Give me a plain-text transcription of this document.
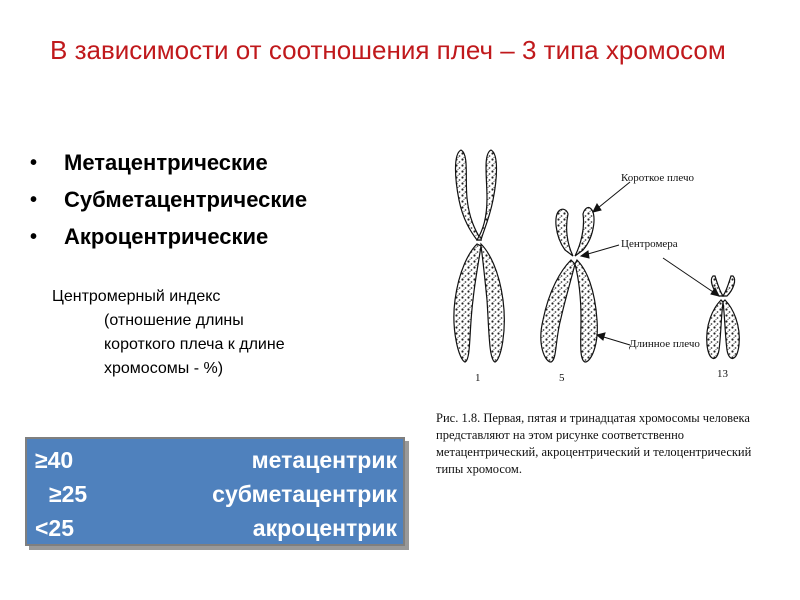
В зависимости от соотношения плеч – 3 типа хромосом
• Метацентрические
• Субметацентрические
• Акроцентрические
Центромерный индекс
(отношение длины
короткого плеча к длине
хромосомы - %)
≥40	метацентрик
≥25	субметацентрик
<25	акроцентрик
Короткое плечо
Центромера
Длинное плечо
1	5	13
Рис. 1.8. Первая, пятая и тринадцатая хромосомы человека представляют на этом рисунке соответственно метацентрический, акроцентрический и телоцентрический типы хромосом.
